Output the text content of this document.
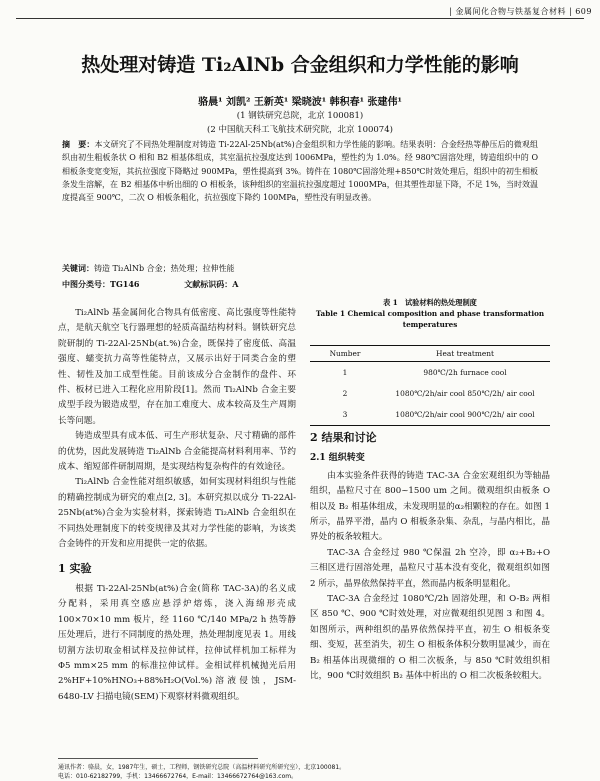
| 金属间化合物与铁基复合材料 | 609
热处理对铸造 Ti₂AlNb 合金组织和力学性能的影响
骆晨¹ 刘凯² 王新英¹ 梁晓波¹ 韩积春¹ 张建伟¹
(1 钢铁研究总院，北京 100081)
(2 中国航天科工飞航技术研究院，北京 100074)
摘　要：本文研究了不同热处理制度对铸造 Ti-22Al-25Nb(at%)合金组织和力学性能的影响。结果表明：合金经热等静压后的微观组织由初生粗板条状 O 相和 B2 相基体组成，其室温抗拉强度达到 1006MPa，塑性约为 1.0%。经 980℃固溶处理，铸造组织中的 O 相板条变宽变短，其抗拉强度下降略过 900MPa，塑性提高到 3%。铸件在 1080℃固溶处理+850℃时效处理后，组织中的初生相板条发生溶解，在 B2 相基体中析出细的 O 相板条，该种组织的室温抗拉强度超过 1000MPa，但其塑性却显下降，不足 1%，当时效温度提高至 900℃，二次 O 相板条粗化，抗拉强度下降约 100MPa，塑性没有明显改善。
关键词：铸造 Ti₂AlNb 合金；热处理；拉伸性能
中图分类号：TG146	文献标识码：A

Ti₂AlNb 基金属间化合物具有低密度、高比强度等性能特点，是航天航空飞行器理想的轻质高温结构材料。钢铁研究总院研制的 Ti-22Al-25Nb(at.%)合金，既保持了密度低、高温强度、蠕变抗力高等性能特点，又展示出好于同类合金的塑性、韧性及加工成型性能。目前该成分合金制作的盘件、环件、板材已进入工程化应用阶段[1]。然而 Ti₂AlNb 合金主要成型手段为锻造成型，存在加工难度大、成本较高及生产周期长等问题。

铸造成型具有成本低、可生产形状复杂、尺寸精确的部件的优势，因此发展铸造 Ti₂AlNb 合金能提高材料利用率、节约成本、缩短部件研制周期，是实现结构复杂构件的有效途径。

Ti₂AlNb 合金性能对组织敏感，如何实现材料组织与性能的精确控制成为研究的难点[2, 3]。本研究拟以成分 Ti-22Al-25Nb(at%)合金为实验材料，探索铸造 Ti₂AlNb 合金组织在不同热处理制度下的转变规律及其对力学性能的影响，为该类合金铸件的开发和应用提供一定的依据。

1 实验

根据 Ti-22Al-25Nb(at%)合金(简称 TAC-3A)的名义成分配料，采用真空感应悬浮炉熔炼，浇入海绵形壳成 100×70×10 mm 板片，经 1160 ℃/140 MPa/2 h 热等静压处理后，进行不同制度的热处理，热处理制度见表 1。用线切割方法切取金相试样及拉伸试样，拉伸试样机加工标样为 Φ5 mm×25 mm 的标准拉伸试样。金相试样机械抛光后用 2%HF+10%HNO₃+88%H₂O(Vol.%)溶液侵蚀，JSM-6480-LV 扫描电镜(SEM)下观察材料微观组织。

表 1　试验材料的热处理制度
Table 1 Chemical composition and phase transformation temperatures
Number	Heat treatment
1	980℃/2h furnace cool
2	1080℃/2h/air cool 850℃/2h/ air cool
3	1080℃/2h/air cool 900℃/2h/ air cool
2 结果和讨论
2.1 组织转变

由本实验条件获得的铸造 TAC-3A 合金宏观组织为等轴晶组织，晶粒尺寸在 800~1500 um 之间。微观组织由板条 O 相以及 B₂ 相基体组成，未发现明显的α₂相颗粒的存在。如图 1 所示，晶界平滑，晶内 O 相板条杂集、杂乱，与晶内相比，晶界处的板条较粗大。

TAC-3A 合金经过 980 ℃保温 2h 空冷，即 α₂+B₂+O 三相区进行固溶处理，晶粒尺寸基本没有变化，微观组织如图 2 所示，晶界依然保持平直，然而晶内板条明显粗化。

TAC-3A 合金经过 1080℃/2h 固溶处理，和 O-B₂ 两相区 850 ℃、900 ℃时效处理，对应微观组织见图 3 和图 4。如图所示，两种组织的晶界依然保持平直，初生 O 相板条变细、变短，甚至消失，初生 O 相板条体积分数明显减少，而在 B₂ 相基体出现微细的 O 相二次板条，与 850 ℃时效组织相比，900 ℃时效组织 B₂ 基体中析出的 O 相二次板条较粗大。

通讯作者：骆晨，女，1987年生，硕士，工程师，钢铁研究总院（高温材料研究所研究室），北京100081。
电话：010-62182799，手机：13466672764，E-mail：13466672764@163.com。
